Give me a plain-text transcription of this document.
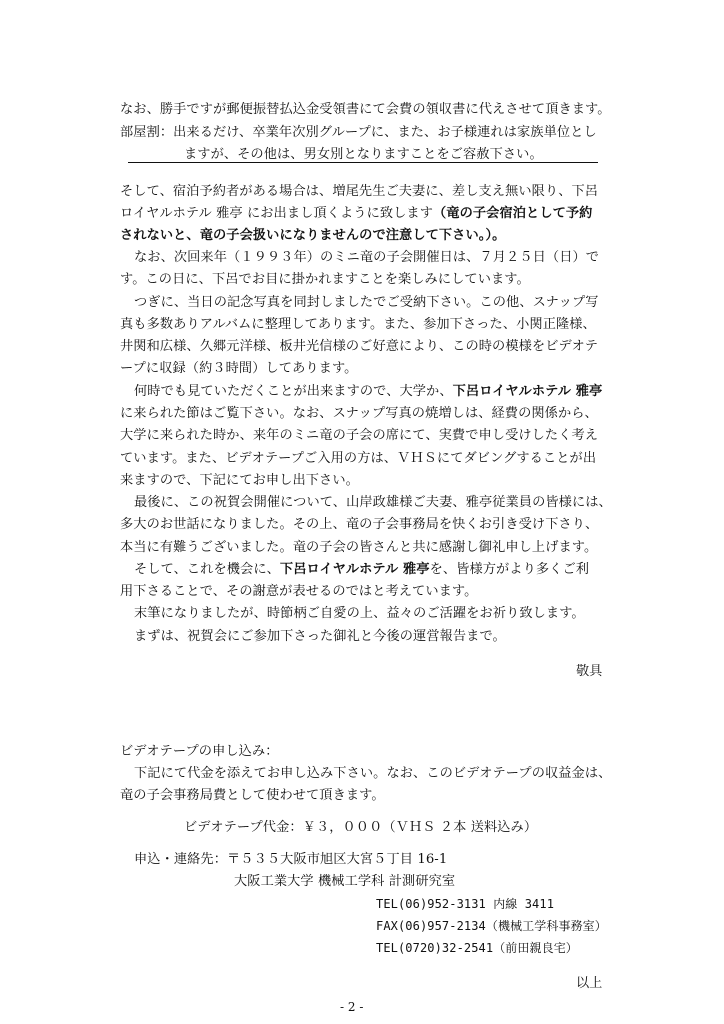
なお、勝手ですが郵便振替払込金受領書にて会費の領収書に代えさせて頂きます。
部屋割：出来るだけ、卒業年次別グループに、また、お子様連れは家族単位とし
ますが、その他は、男女別となりますことをご容赦下さい。
そして、宿泊予約者がある場合は、増尾先生ご夫妻に、差し支え無い限り、下呂
ロイヤルホテル 雅亭 にお出まし頂くように致します（竜の子会宿泊として予約
されないと、竜の子会扱いになりませんので注意して下さい。）。
なお、次回来年（１９９３年）のミニ竜の子会開催日は、７月２５日（日）で
す。この日に、下呂でお目に掛かれますことを楽しみにしています。
つぎに、当日の記念写真を同封しましたでご受納下さい。この他、スナップ写
真も多数ありアルバムに整理してあります。また、参加下さった、小関正隆様、
井関和広様、久郷元洋様、板井光信様のご好意により、この時の模様をビデオテ
ープに収録（約３時間）してあります。
何時でも見ていただくことが出来ますので、大学か、下呂ロイヤルホテル 雅亭
に来られた節はご覧下さい。なお、スナップ写真の焼増しは、経費の関係から、
大学に来られた時か、来年のミニ竜の子会の席にて、実費で申し受けしたく考え
ています。また、ビデオテープご入用の方は、ＶＨＳにてダビングすることが出
来ますので、下記にてお申し出下さい。
最後に、この祝賀会開催について、山岸政雄様ご夫妻、雅亭従業員の皆様には、
多大のお世話になりました。その上、竜の子会事務局を快くお引き受け下さり、
本当に有難うございました。竜の子会の皆さんと共に感謝し御礼申し上げます。
そして、これを機会に、下呂ロイヤルホテル 雅亭を、皆様方がより多くご利
用下さることで、その謝意が表せるのではと考えています。
末筆になりましたが、時節柄ご自愛の上、益々のご活躍をお祈り致します。
まずは、祝賀会にご参加下さった御礼と今後の運営報告まで。
敬具
ビデオテープの申し込み：
下記にて代金を添えてお申し込み下さい。なお、このビデオテープの収益金は、
竜の子会事務局費として使わせて頂きます。
ビデオテープ代金：￥３，０００（ＶＨＳ ２本 送料込み）
申込・連絡先：〒５３５大阪市旭区大宮５丁目 16-1
大阪工業大学 機械工学科 計測研究室
TEL(06)952-3131 内線 3411
FAX(06)957-2134（機械工学科事務室）
TEL(0720)32-2541（前田親良宅）
以上
- 2 -
